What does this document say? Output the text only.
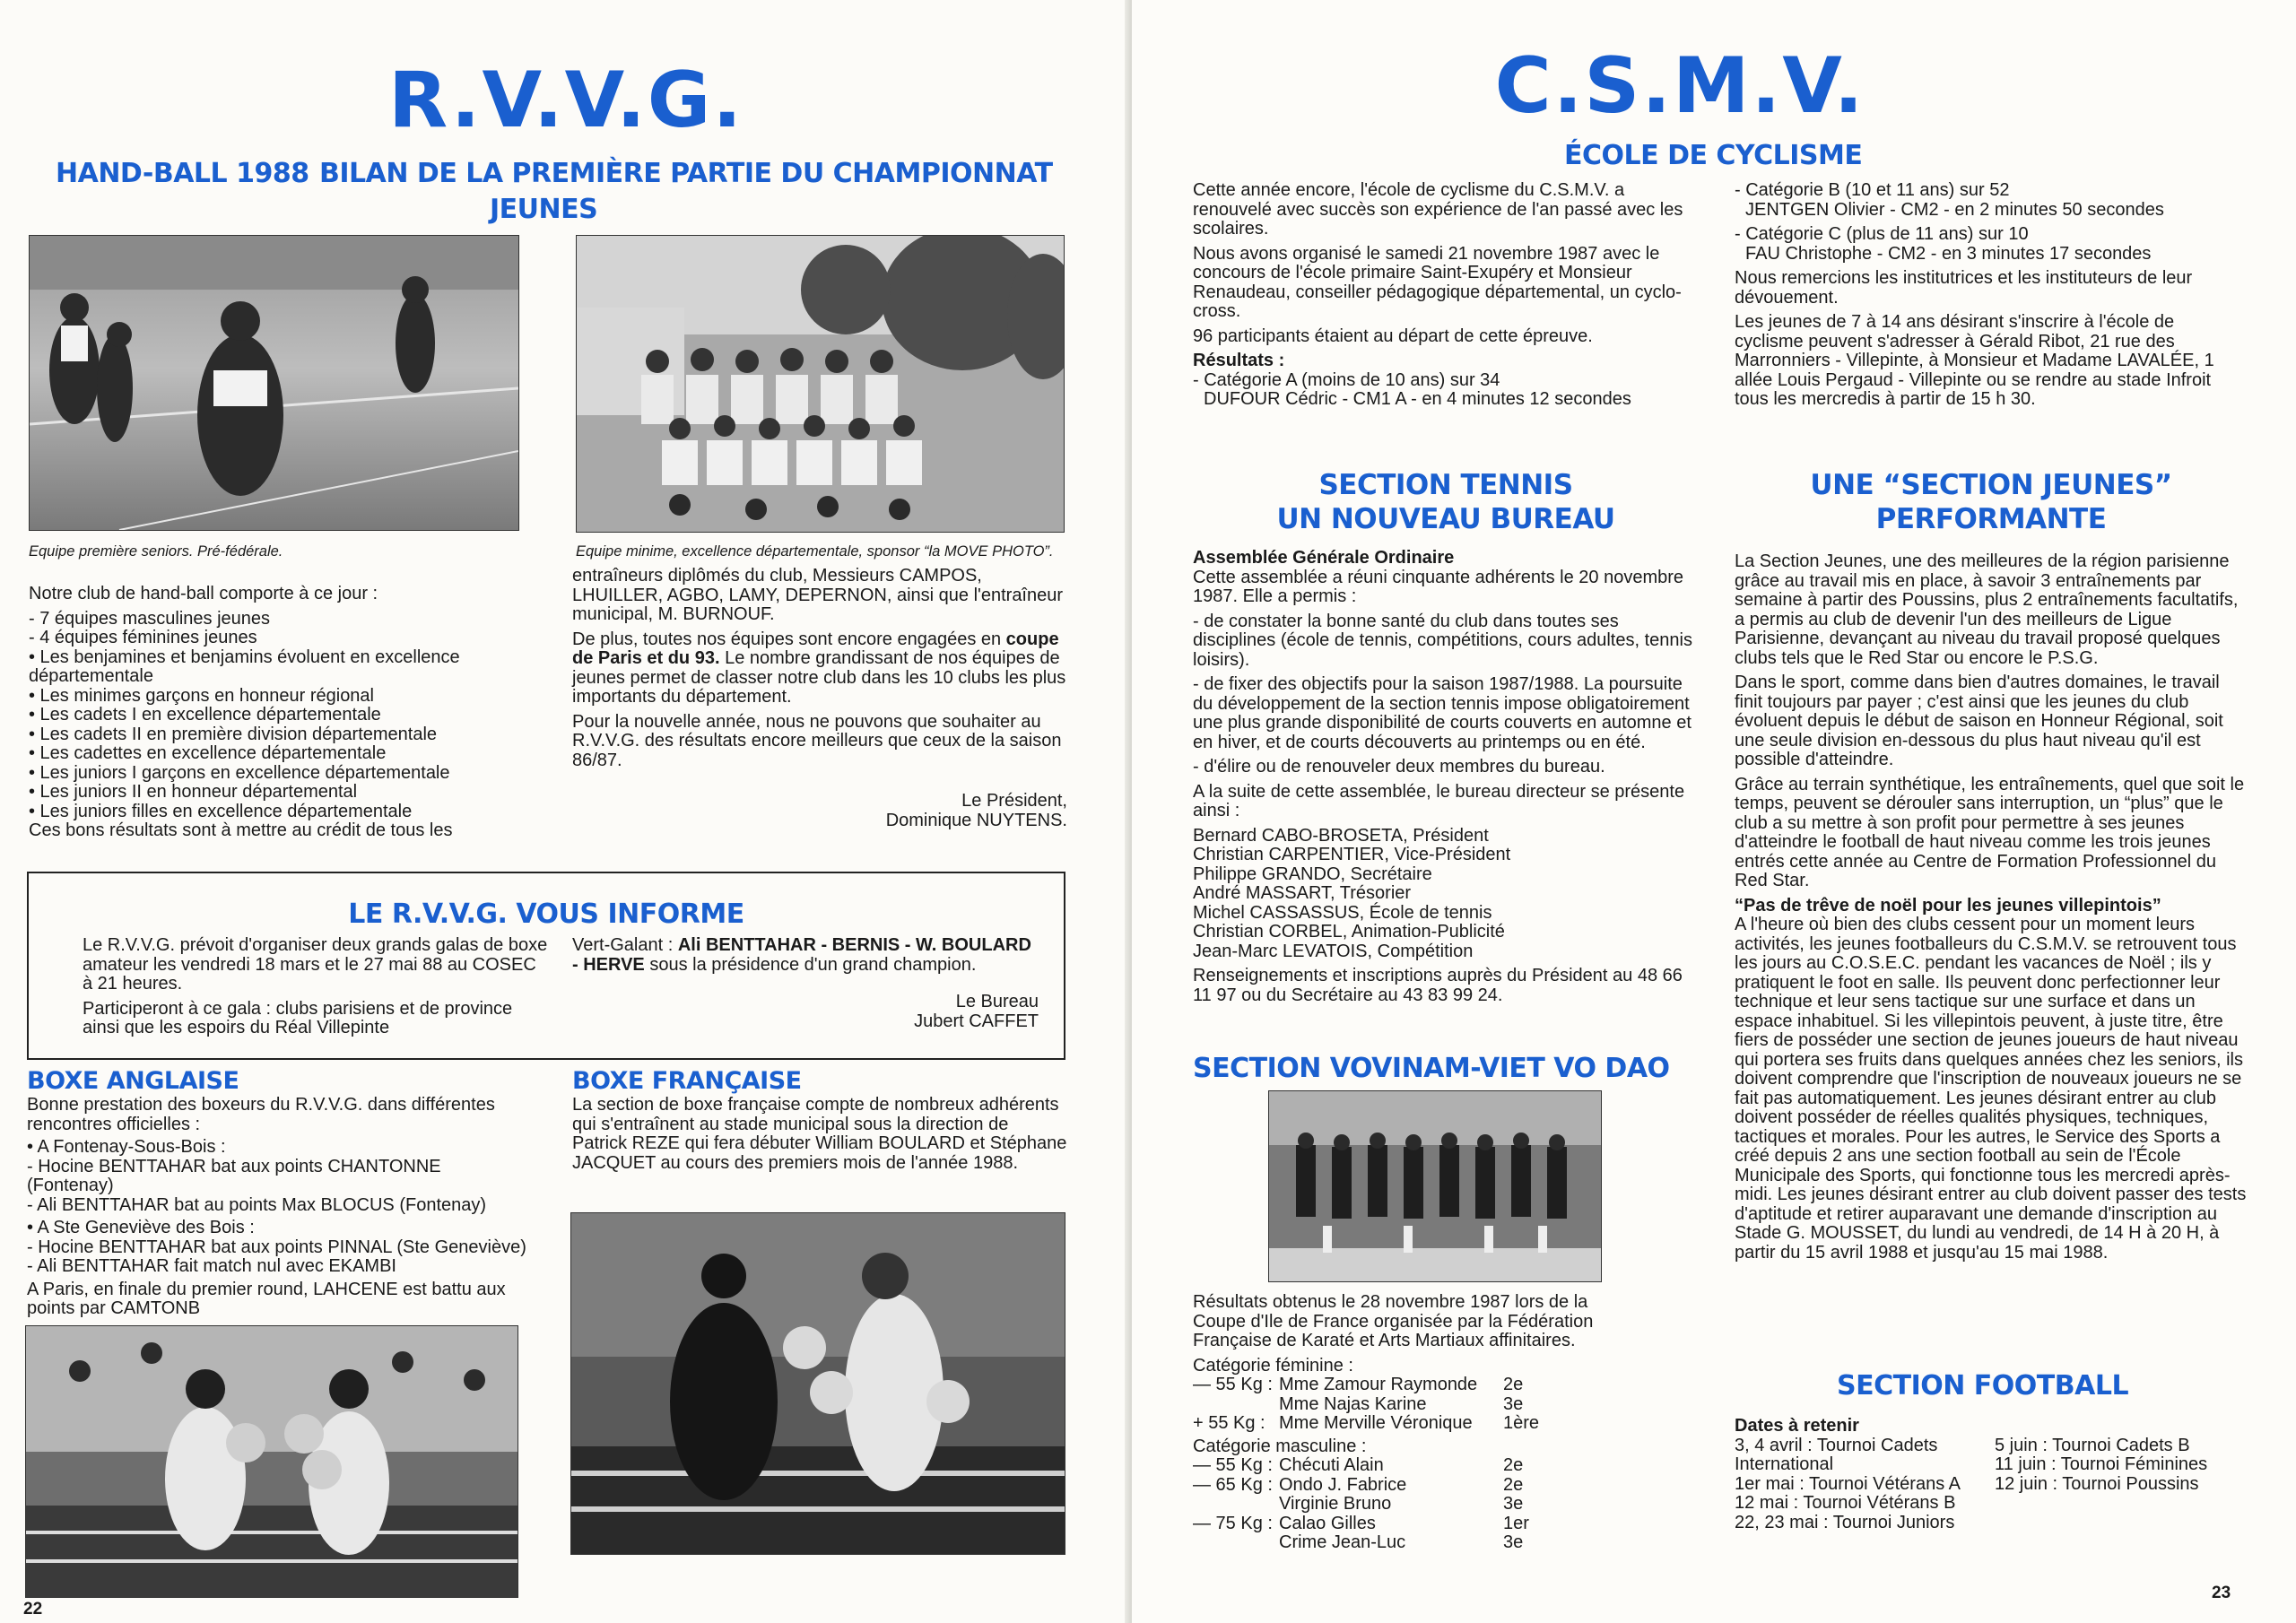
R.V.V.G.
HAND-BALL 1988 BILAN DE LA PREMIÈRE PARTIE DU CHAMPIONNAT
JEUNES
Equipe première seniors. Pré-fédérale.	Equipe minime, excellence départementale, sponsor “la MOVE PHOTO”.

Notre club de hand-ball comporte à ce jour :

- 7 équipes masculines jeunes
- 4 équipes féminines jeunes
• Les benjamines et benjamins évoluent en excellence départementale
• Les minimes garçons en honneur régional
• Les cadets I en excellence départementale
• Les cadets II en première division départementale
• Les cadettes en excellence départementale
• Les juniors I garçons en excellence départementale
• Les juniors II en honneur départemental
• Les juniors filles en excellence départementale

Ces bons résultats sont à mettre au crédit de tous les

entraîneurs diplômés du club, Messieurs CAMPOS, LHUILLER, AGBO, LAMY, DEPERNON, ainsi que l'entraîneur municipal, M. BURNOUF.

De plus, toutes nos équipes sont encore engagées en coupe de Paris et du 93. Le nombre grandissant de nos équipes de jeunes permet de classer notre club dans les 10 clubs les plus importants du département.

Pour la nouvelle année, nous ne pouvons que souhaiter au R.V.V.G. des résultats encore meilleurs que ceux de la saison 86/87.

Le Président,
Dominique NUYTENS.
LE R.V.V.G. VOUS INFORME

Le R.V.V.G. prévoit d'organiser deux grands galas de boxe amateur les vendredi 18 mars et le 27 mai 88 au COSEC à 21 heures.

Participeront à ce gala : clubs parisiens et de province ainsi que les espoirs du Réal Villepinte

Vert-Galant : Ali BENTTAHAR - BERNIS - W. BOULARD - HERVE sous la présidence d'un grand champion.

Le Bureau
Jubert CAFFET
BOXE ANGLAISE
Bonne prestation des boxeurs du R.V.V.G. dans différentes rencontres officielles :
• A Fontenay-Sous-Bois :
- Hocine BENTTAHAR bat aux points CHANTONNE (Fontenay)
- Ali BENTTAHAR bat au points Max BLOCUS (Fontenay)
• A Ste Geneviève des Bois :
- Hocine BENTTAHAR bat aux points PINNAL (Ste Geneviève)
- Ali BENTTAHAR fait match nul avec EKAMBI
A Paris, en finale du premier round, LAHCENE est battu aux points par CAMTONB
BOXE FRANÇAISE
La section de boxe française compte de nombreux adhérents qui s'entraînent au stade municipal sous la direction de Patrick REZE qui fera débuter William BOULARD et Stéphane JACQUET au cours des premiers mois de l'année 1988.
22
C.S.M.V.
ÉCOLE DE CYCLISME

Cette année encore, l'école de cyclisme du C.S.M.V. a renouvelé avec succès son expérience de l'an passé avec les scolaires.

Nous avons organisé le samedi 21 novembre 1987 avec le concours de l'école primaire Saint-Exupéry et Monsieur Renaudeau, conseiller pédagogique départemental, un cyclo-cross.

96 participants étaient au départ de cette épreuve.

Résultats :
- Catégorie A (moins de 10 ans) sur 34
DUFOUR Cédric - CM1 A - en 4 minutes 12 secondes
- Catégorie B (10 et 11 ans) sur 52
JENTGEN Olivier - CM2 - en 2 minutes 50 secondes
- Catégorie C (plus de 11 ans) sur 10
FAU Christophe - CM2 - en 3 minutes 17 secondes

Nous remercions les institutrices et les instituteurs de leur dévouement.

Les jeunes de 7 à 14 ans désirant s'inscrire à l'école de cyclisme peuvent s'adresser à Gérald Ribot, 21 rue des Marronniers - Villepinte, à Monsieur et Madame LAVALÉE, 1 allée Louis Pergaud - Villepinte ou se rendre au stade Infroit tous les mercredis à partir de 15 h 30.

SECTION TENNIS
UN NOUVEAU BUREAU
Assemblée Générale Ordinaire

Cette assemblée a réuni cinquante adhérents le 20 novembre 1987. Elle a permis :

- de constater la bonne santé du club dans toutes ses disciplines (école de tennis, compétitions, cours adultes, tennis loisirs).

- de fixer des objectifs pour la saison 1987/1988. La poursuite du développement de la section tennis impose obligatoirement une plus grande disponibilité de courts couverts en automne et en hiver, et de courts découverts au printemps ou en été.

- d'élire ou de renouveler deux membres du bureau.

A la suite de cette assemblée, le bureau directeur se présente ainsi :

Bernard CABO-BROSETA, Président
Christian CARPENTIER, Vice-Président
Philippe GRANDO, Secrétaire
André MASSART, Trésorier
Michel CASSASSUS, École de tennis
Christian CORBEL, Animation-Publicité
Jean-Marc LEVATOIS, Compétition

Renseignements et inscriptions auprès du Président au 48 66 11 97 ou du Secrétaire au 43 83 99 24.

SECTION VOVINAM-VIET VO DAO

Résultats obtenus le 28 novembre 1987 lors de la Coupe d'Ile de France organisée par la Fédération Française de Karaté et Arts Martiaux affinitaires.

Catégorie féminine :
— 55 Kg : Mme Zamour Raymonde	2e
Mme Najas Karine	3e
+ 55 Kg : Mme Merville Véronique	1ère
Catégorie masculine :
— 55 Kg : Chécuti Alain	2e
— 65 Kg : Ondo J. Fabrice	2e
Virginie Bruno	3e
— 75 Kg : Calao Gilles	1er
Crime Jean-Luc	3e
UNE “SECTION JEUNES”
PERFORMANTE

La Section Jeunes, une des meilleures de la région parisienne grâce au travail mis en place, à savoir 3 entraînements par semaine à partir des Poussins, plus 2 entraînements facultatifs, a permis au club de devenir l'un des meilleurs de Ligue Parisienne, devançant au niveau du travail proposé quelques clubs tels que le Red Star ou encore le P.S.G.

Dans le sport, comme dans bien d'autres domaines, le travail finit toujours par payer ; c'est ainsi que les jeunes du club évoluent depuis le début de saison en Honneur Régional, soit une seule division en-dessous du plus haut niveau qu'il est possible d'atteindre.

Grâce au terrain synthétique, les entraînements, quel que soit le temps, peuvent se dérouler sans interruption, un “plus” que le club a su mettre à son profit pour permettre à ses jeunes d'atteindre le football de haut niveau comme les trois jeunes entrés cette année au Centre de Formation Professionnel du Red Star.

“Pas de trêve de noël pour les jeunes villepintois”

A l'heure où bien des clubs cessent pour un moment leurs activités, les jeunes footballeurs du C.S.M.V. se retrouvent tous les jours au C.O.S.E.C. pendant les vacances de Noël ; ils y pratiquent le foot en salle. Ils peuvent donc perfectionner leur technique et leur sens tactique sur une surface et dans un espace inhabituel. Si les villepintois peuvent, à juste titre, être fiers de posséder une section de jeunes joueurs de haut niveau qui portera ses fruits dans quelques années chez les seniors, ils doivent comprendre que l'inscription de nouveaux joueurs ne se fait pas automatiquement. Les jeunes désirant entrer au club doivent posséder de réelles qualités physiques, techniques, tactiques et morales. Pour les autres, le Service des Sports a créé depuis 2 ans une section football au sein de l'École Municipale des Sports, qui fonctionne tous les mercredi après-midi. Les jeunes désirant entrer au club doivent passer des tests d'aptitude et retirer auparavant une demande d'inscription au Stade G. MOUSSET, du lundi au vendredi, de 14 H à 20 H, à partir du 15 avril 1988 et jusqu'au 15 mai 1988.

SECTION FOOTBALL
Dates à retenir
3, 4 avril : Tournoi Cadets International
1er mai : Tournoi Vétérans A
12 mai : Tournoi Vétérans B
22, 23 mai : Tournoi Juniors
5 juin : Tournoi Cadets B
11 juin : Tournoi Féminines
12 juin : Tournoi Poussins
23
